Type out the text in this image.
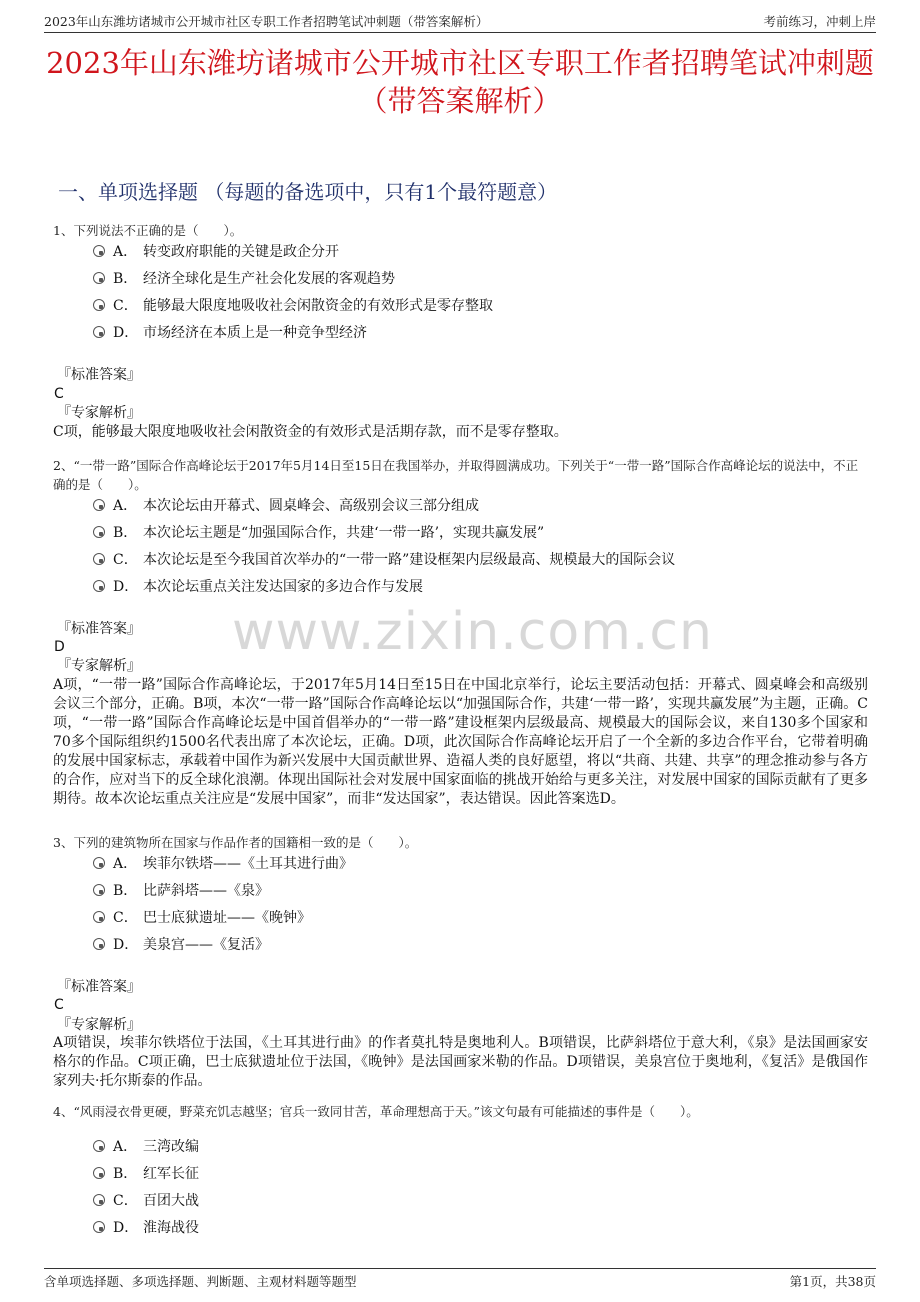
2023年山东潍坊诸城市公开城市社区专职工作者招聘笔试冲刺题（带答案解析）	考前练习，冲刺上岸
2023年山东潍坊诸城市公开城市社区专职工作者招聘笔试冲刺题（带答案解析）
一、单项选择题 （每题的备选项中，只有1个最符题意）
www.zixin.com.cn
1、下列说法不正确的是（　　）。
A． 转变政府职能的关键是政企分开
B． 经济全球化是生产社会化发展的客观趋势
C． 能够最大限度地吸收社会闲散资金的有效形式是零存整取
D． 市场经济在本质上是一种竞争型经济
『标准答案』
C
『专家解析』
C项，能够最大限度地吸收社会闲散资金的有效形式是活期存款，而不是零存整取。
2、“一带一路”国际合作高峰论坛于2017年5月14日至15日在我国举办，并取得圆满成功。下列关于“一带一路”国际合作高峰论坛的说法中，不正确的是（　　）。
A． 本次论坛由开幕式、圆桌峰会、高级别会议三部分组成
B． 本次论坛主题是“加强国际合作，共建‘一带一路’，实现共赢发展”
C． 本次论坛是至今我国首次举办的“一带一路”建设框架内层级最高、规模最大的国际会议
D． 本次论坛重点关注发达国家的多边合作与发展
『标准答案』
D
『专家解析』
A项，“一带一路”国际合作高峰论坛，于2017年5月14日至15日在中国北京举行，论坛主要活动包括：开幕式、圆桌峰会和高级别会议三个部分，正确。B项，本次“一带一路”国际合作高峰论坛以“加强国际合作，共建‘一带一路’，实现共赢发展”为主题，正确。C项，“一带一路”国际合作高峰论坛是中国首倡举办的“一带一路”建设框架内层级最高、规模最大的国际会议，来自130多个国家和70多个国际组织约1500名代表出席了本次论坛，正确。D项，此次国际合作高峰论坛开启了一个全新的多边合作平台，它带着明确的发展中国家标志，承载着中国作为新兴发展中大国贡献世界、造福人类的良好愿望，将以“共商、共建、共享”的理念推动参与各方的合作，应对当下的反全球化浪潮。体现出国际社会对发展中国家面临的挑战开始给与更多关注，对发展中国家的国际贡献有了更多期待。故本次论坛重点关注应是“发展中国家”，而非“发达国家”，表达错误。因此答案选D。
3、下列的建筑物所在国家与作品作者的国籍相一致的是（　　）。
A． 埃菲尔铁塔——《土耳其进行曲》
B． 比萨斜塔——《泉》
C． 巴士底狱遗址——《晚钟》
D． 美泉宫——《复活》
『标准答案』
C
『专家解析』
A项错误，埃菲尔铁塔位于法国，《土耳其进行曲》的作者莫扎特是奥地利人。B项错误，比萨斜塔位于意大利，《泉》是法国画家安格尔的作品。C项正确，巴士底狱遗址位于法国，《晚钟》是法国画家米勒的作品。D项错误，美泉宫位于奥地利，《复活》是俄国作家列夫·托尔斯泰的作品。
4、“风雨浸衣骨更硬，野菜充饥志越坚；官兵一致同甘苦，革命理想高于天。”该文句最有可能描述的事件是（　　）。
A． 三湾改编
B． 红军长征
C． 百团大战
D． 淮海战役
含单项选择题、多项选择题、判断题、主观材料题等题型	第1页，共38页
